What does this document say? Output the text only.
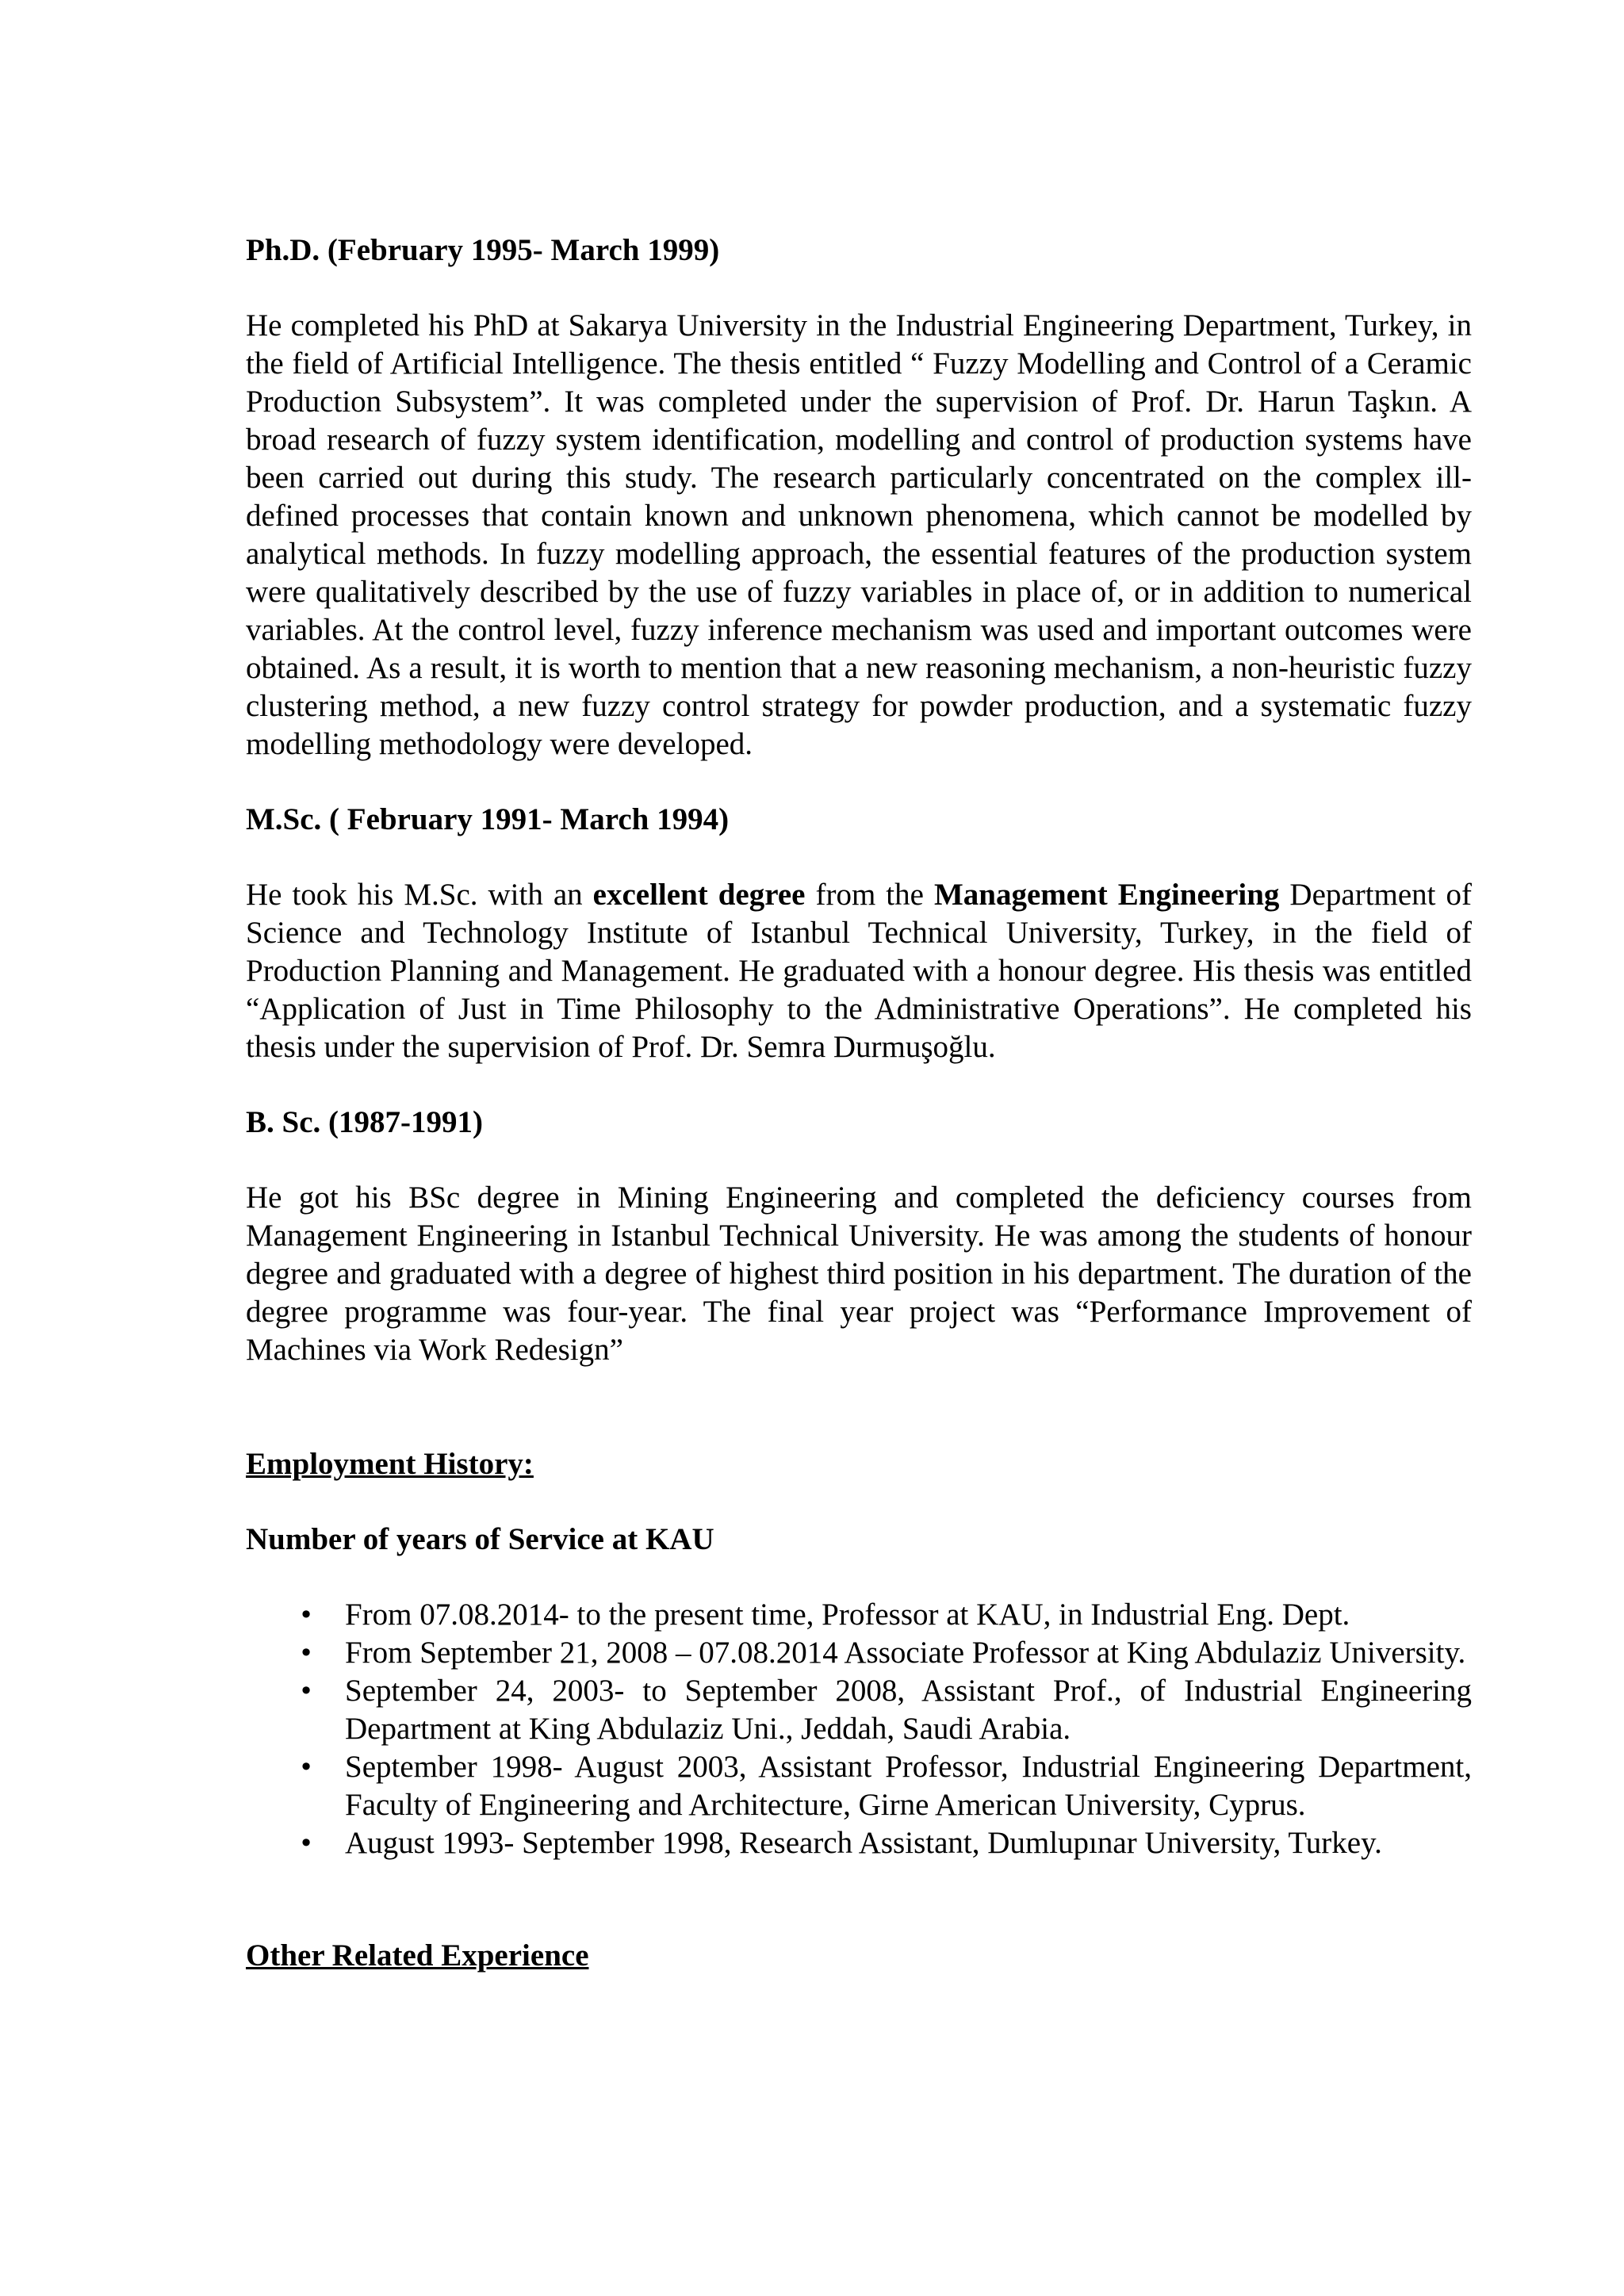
Ph.D. (February 1995- March 1999)

He completed his PhD at Sakarya University in the Industrial Engineering Department, Turkey, in the field of Artificial Intelligence. The thesis entitled “ Fuzzy Modelling and Control of a Ceramic Production Subsystem”. It was completed under the supervision of Prof. Dr. Harun Taşkın. A broad research of fuzzy system identification, modelling and control of production systems have been carried out during this study. The research particularly concentrated on the complex ill-defined processes that contain known and unknown phenomena, which cannot be modelled by analytical methods. In fuzzy modelling approach, the essential features of the production system were qualitatively described by the use of fuzzy variables in place of, or in addition to numerical variables. At the control level, fuzzy inference mechanism was used and important outcomes were obtained. As a result, it is worth to mention that a new reasoning mechanism, a non-heuristic fuzzy clustering method, a new fuzzy control strategy for powder production, and a systematic fuzzy modelling methodology were developed.

M.Sc. ( February 1991- March 1994)

He took his M.Sc. with an excellent degree from the Management Engineering Department of Science and Technology Institute of Istanbul Technical University, Turkey, in the field of Production Planning and Management. He graduated with a honour degree. His thesis was entitled “Application of Just in Time Philosophy to the Administrative Operations”. He completed his thesis under the supervision of Prof. Dr. Semra Durmuşoğlu.

B. Sc. (1987-1991)

He got his BSc degree in Mining Engineering and completed the deficiency courses from Management Engineering in Istanbul Technical University. He was among the students of honour degree and graduated with a degree of highest third position in his department. The duration of the degree programme was four-year. The final year project was “Performance Improvement of Machines via Work Redesign”

Employment History:

Number of years of Service at KAU

• From 07.08.2014- to the present time, Professor at KAU, in Industrial Eng. Dept.
• From September 21, 2008 – 07.08.2014 Associate Professor at King Abdulaziz University.
• September 24, 2003- to September 2008, Assistant Prof., of Industrial Engineering Department at King Abdulaziz Uni., Jeddah, Saudi Arabia.
• September 1998- August 2003, Assistant Professor, Industrial Engineering Department, Faculty of Engineering and Architecture, Girne American University, Cyprus.
• August 1993- September 1998, Research Assistant, Dumlupınar University, Turkey.

Other Related Experience
